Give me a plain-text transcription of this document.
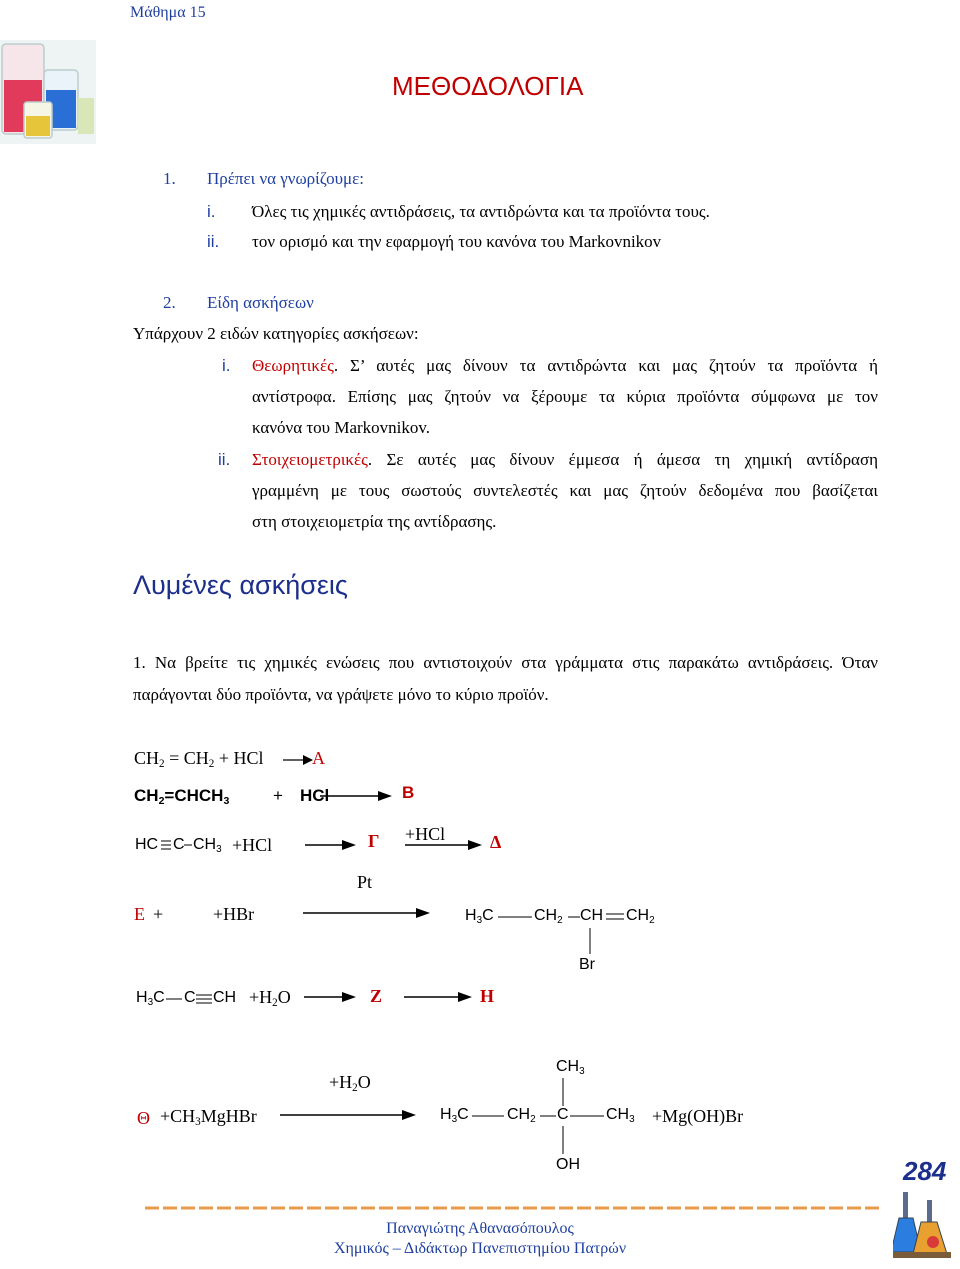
Μάθημα 15
ΜΕΘΟΔΟΛΟΓΙΑ
1. Πρέπει να γνωρίζουμε:
i. Όλες τις χημικές αντιδράσεις, τα αντιδρώντα και τα προϊόντα τους.
ii. τον ορισμό και την εφαρμογή του κανόνα του Markovnikov
2. Είδη ασκήσεων
Υπάρχουν 2 ειδών κατηγορίες ασκήσεων:
i. Θεωρητικές. Σ’ αυτές μας δίνουν τα αντιδρώντα και μας ζητούν τα προϊόντα ή
αντίστροφα. Επίσης μας ζητούν να ξέρουμε τα κύρια προϊόντα σύμφωνα με τον
κανόνα του Markovnikov.
ii. Στοιχειομετρικές. Σε αυτές μας δίνουν έμμεσα ή άμεσα τη χημική αντίδραση
γραμμένη με τους σωστούς συντελεστές και μας ζητούν δεδομένα που βασίζεται
στη στοιχειομετρία της αντίδρασης.
Λυμένες ασκήσεις
1. Να βρείτε τις χημικές ενώσεις που αντιστοιχούν στα γράμματα στις παρακάτω αντιδράσεις. Όταν
παράγονται δύο προϊόντα, να γράψετε μόνο το κύριο προϊόν.
$CH_2 = CH_2$ + HCl	A
$CH_2=CHCH_3$	+ HCl	B
HC C $CH_3 +HCl$	Γ +HCl Δ
Pt
E +	+HBr	$H_3C$	$CH_2$ CH $CH_2$
Br
$H_3C$ C CH $+H_2O$	Z	H
$+H_2O$
$CH_3$
$\Theta +CH_3MgHBr$	$H_3C$ $CH_2$ C $CH_3 +Mg(OH)Br$
OH	284
Παναγιώτης Αθανασόπουλος
Χημικός – Διδάκτωρ Πανεπιστημίου Πατρών
